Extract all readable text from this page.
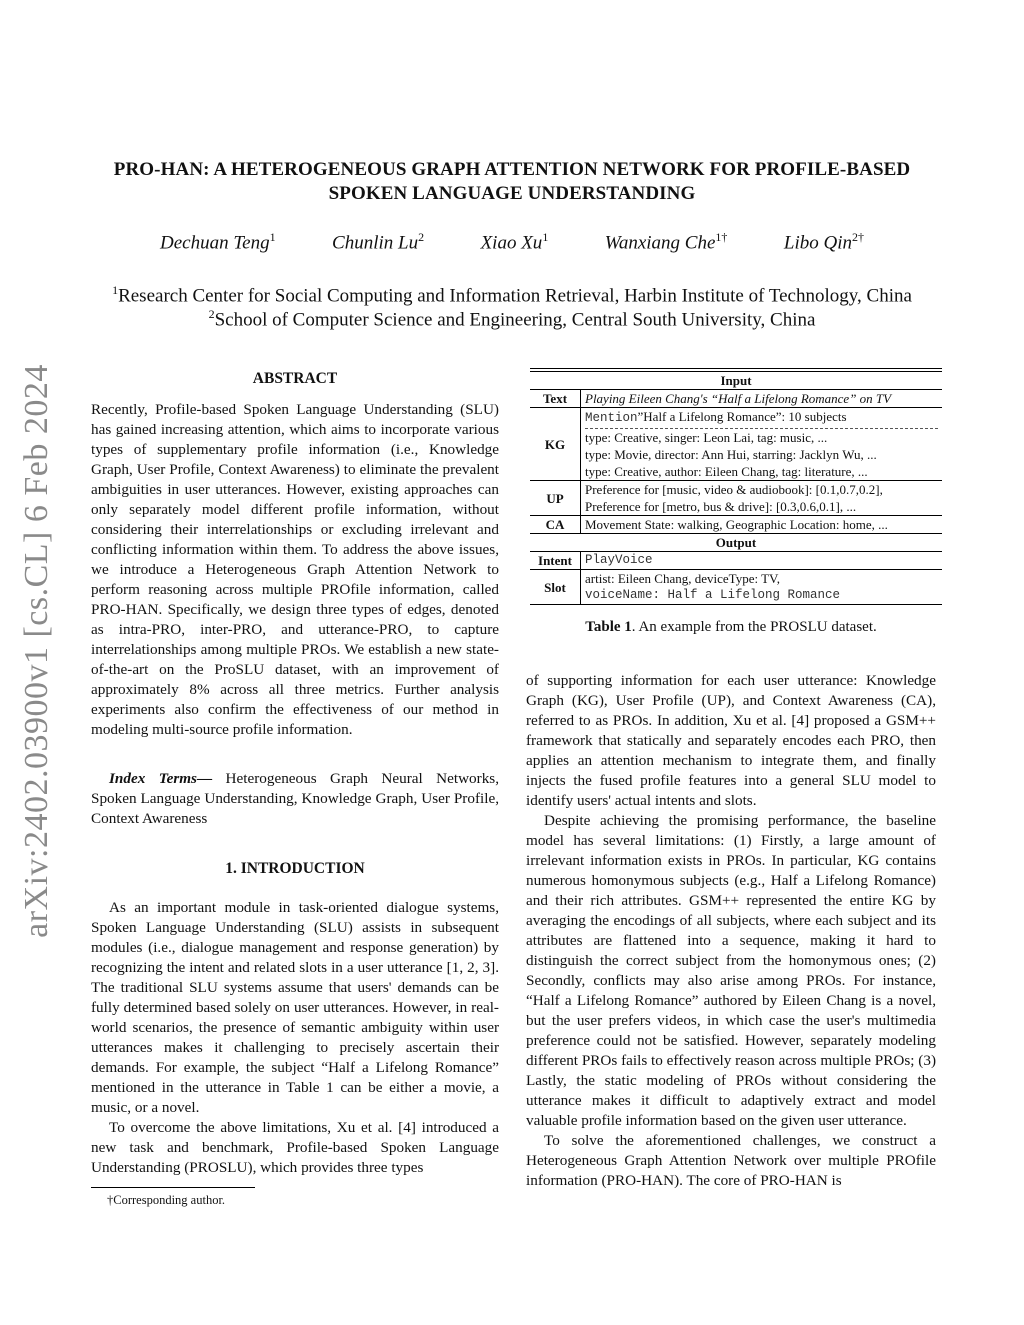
arXiv:2402.03900v1 [cs.CL] 6 Feb 2024
PRO-HAN: A HETEROGENEOUS GRAPH ATTENTION NETWORK FOR PROFILE-BASED
SPOKEN LANGUAGE UNDERSTANDING
Dechuan Teng$^1$	Chunlin Lu$^2$	Xiao Xu$^1$	Wanxiang Che$^{1\dagger}$	Libo Qin$^{2\dagger}$
$^1$Research Center for Social Computing and Information Retrieval, Harbin Institute of Technology, China
$^2$School of Computer Science and Engineering, Central South University, China
ABSTRACT

Recently, Profile-based Spoken Language Understanding (SLU) has gained increasing attention, which aims to incorporate various types of supplementary profile information (i.e., Knowledge Graph, User Profile, Context Awareness) to eliminate the prevalent ambiguities in user utterances. However, existing approaches can only separately model different profile information, without considering their interrelationships or excluding irrelevant and conflicting information within them. To address the above issues, we introduce a Heterogeneous Graph Attention Network to perform reasoning across multiple PROfile information, called PRO-HAN. Specifically, we design three types of edges, denoted as intra-PRO, inter-PRO, and utterance-PRO, to capture interrelationships among multiple PROs. We establish a new state-of-the-art on the ProSLU dataset, with an improvement of approximately 8% across all three metrics. Further analysis experiments also confirm the effectiveness of our method in modeling multi-source profile information.

Index Terms— Heterogeneous Graph Neural Networks, Spoken Language Understanding, Knowledge Graph, User Profile, Context Awareness

1. INTRODUCTION

As an important module in task-oriented dialogue systems, Spoken Language Understanding (SLU) assists in subsequent modules (i.e., dialogue management and response generation) by recognizing the intent and related slots in a user utterance [1, 2, 3]. The traditional SLU systems assume that users' demands can be fully determined based solely on user utterances. However, in real-world scenarios, the presence of semantic ambiguity within user utterances makes it challenging to precisely ascertain their demands. For example, the subject “Half a Lifelong Romance” mentioned in the utterance in Table 1 can be either a movie, a music, or a novel.

To overcome the above limitations, Xu et al. [4] introduced a new task and benchmark, Profile-based Spoken Language Understanding (PROSLU), which provides three types

†Corresponding author.
Input	
Text	Playing Eileen Chang's “Half a Lifelong Romance” on TV
KG	Mention”Half a Lifelong Romance”: 10 subjects
type: Creative, singer: Leon Lai, tag: music, ...
type: Movie, director: Ann Hui, starring: Jacklyn Wu, ...
type: Creative, author: Eileen Chang, tag: literature, ...

UP	Preference for [music, video & audiobook]: [0.1,0.7,0.2],
Preference for [metro, bus & drive]: [0.3,0.6,0.1], ...

CA	Movement State: walking, Geographic Location: home, ...
Output	
Intent	PlayVoice
Slot	artist: Eileen Chang, deviceType: TV,
voiceName: Half a Lifelong Romance
Table 1. An example from the PROSLU dataset.

of supporting information for each user utterance: Knowledge Graph (KG), User Profile (UP), and Context Awareness (CA), referred to as PROs. In addition, Xu et al. [4] proposed a GSM++ framework that statically and separately encodes each PRO, then applies an attention mechanism to integrate them, and finally injects the fused profile features into a general SLU model to identify users' actual intents and slots.

Despite achieving the promising performance, the baseline model has several limitations: (1) Firstly, a large amount of irrelevant information exists in PROs. In particular, KG contains numerous homonymous subjects (e.g., Half a Lifelong Romance) and their rich attributes. GSM++ represented the entire KG by averaging the encodings of all subjects, where each subject and its attributes are flattened into a sequence, making it hard to distinguish the correct subject from the homonymous ones; (2) Secondly, conflicts may also arise among PROs. For instance, “Half a Lifelong Romance” authored by Eileen Chang is a novel, but the user prefers videos, in which case the user's multimedia preference could not be satisfied. However, separately modeling different PROs fails to effectively reason across multiple PROs; (3) Lastly, the static modeling of PROs without considering the utterance makes it difficult to adaptively extract and model valuable profile information based on the given user utterance.

To solve the aforementioned challenges, we construct a Heterogeneous Graph Attention Network over multiple PROfile information (PRO-HAN). The core of PRO-HAN is
